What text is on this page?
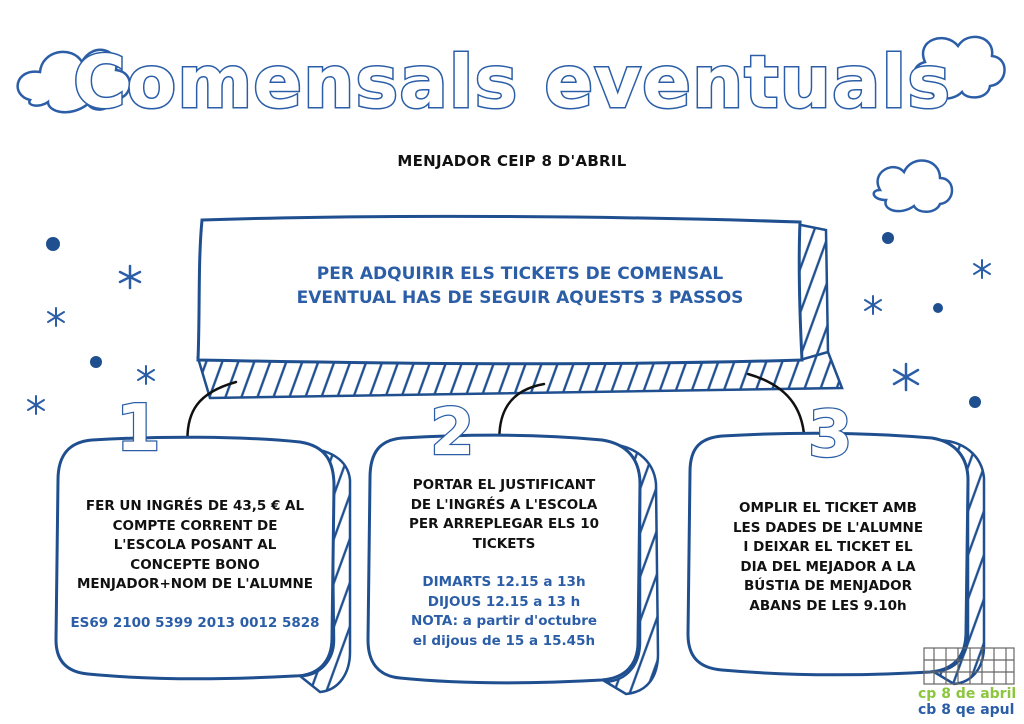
Comensals eventuals
MENJADOR CEIP 8 D'ABRIL
PER ADQUIRIR ELS TICKETS DE COMENSAL
EVENTUAL HAS DE SEGUIR AQUESTS 3 PASSOS
1	2	3
FER UN INGRÉS DE 43,5 € AL
COMPTE CORRENT DE
L'ESCOLA POSANT AL
CONCEPTE BONO
MENJADOR+NOM DE L'ALUMNE
ES69 2100 5399 2013 0012 5828
PORTAR EL JUSTIFICANT
DE L'INGRÉS A L'ESCOLA
PER ARREPLEGAR ELS 10
TICKETS
DIMARTS 12.15 a 13h
DIJOUS 12.15 a 13 h
NOTA: a partir d'octubre
el dijous de 15 a 15.45h
OMPLIR EL TICKET AMB
LES DADES DE L'ALUMNE
I DEIXAR EL TICKET EL
DIA DEL MEJADOR A LA
BÚSTIA DE MENJADOR
ABANS DE LES 9.10h
cp 8 de abril
cb 8 qe apul
